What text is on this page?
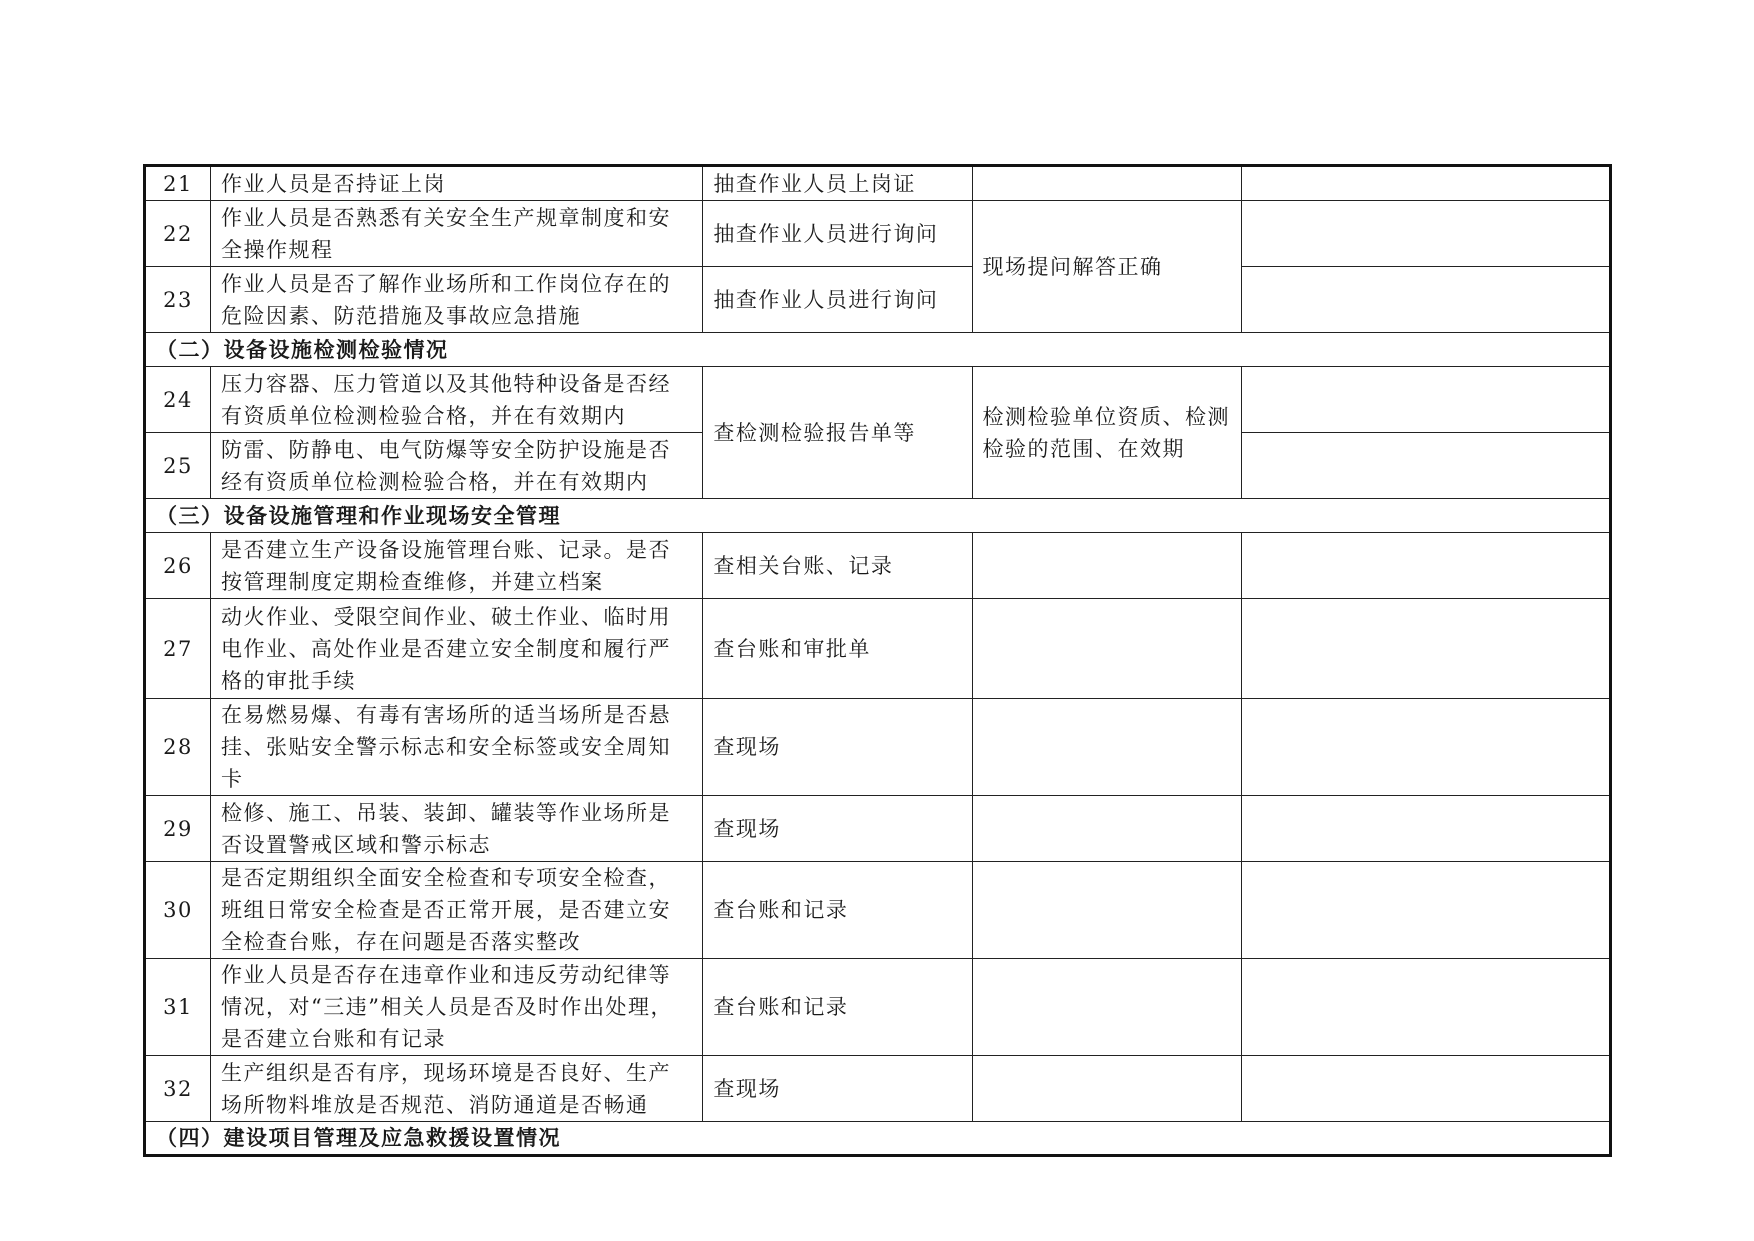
21	作业人员是否持证上岗	抽查作业人员上岗证		
22	作业人员是否熟悉有关安全生产规章制度和安全操作规程	抽查作业人员进行询问	现场提问解答正确	
23	作业人员是否了解作业场所和工作岗位存在的危险因素、防范措施及事故应急措施	抽查作业人员进行询问		
（二）设备设施检测检验情况				
24	压力容器、压力管道以及其他特种设备是否经有资质单位检测检验合格，并在有效期内	查检测检验报告单等	检测检验单位资质、检测检验的范围、在效期	
25	防雷、防静电、电气防爆等安全防护设施是否经有资质单位检测检验合格，并在有效期内			
（三）设备设施管理和作业现场安全管理				
26	是否建立生产设备设施管理台账、记录。是否按管理制度定期检查维修，并建立档案	查相关台账、记录		
27	动火作业、受限空间作业、破土作业、临时用电作业、高处作业是否建立安全制度和履行严格的审批手续	查台账和审批单		
28	在易燃易爆、有毒有害场所的适当场所是否悬挂、张贴安全警示标志和安全标签或安全周知卡	查现场		
29	检修、施工、吊装、装卸、罐装等作业场所是否设置警戒区域和警示标志	查现场		
30	是否定期组织全面安全检查和专项安全检查，班组日常安全检查是否正常开展，是否建立安全检查台账，存在问题是否落实整改	查台账和记录		
31	作业人员是否存在违章作业和违反劳动纪律等情况，对“三违”相关人员是否及时作出处理，是否建立台账和有记录	查台账和记录		
32	生产组织是否有序，现场环境是否良好、生产场所物料堆放是否规范、消防通道是否畅通	查现场		
（四）建设项目管理及应急救援设置情况				
